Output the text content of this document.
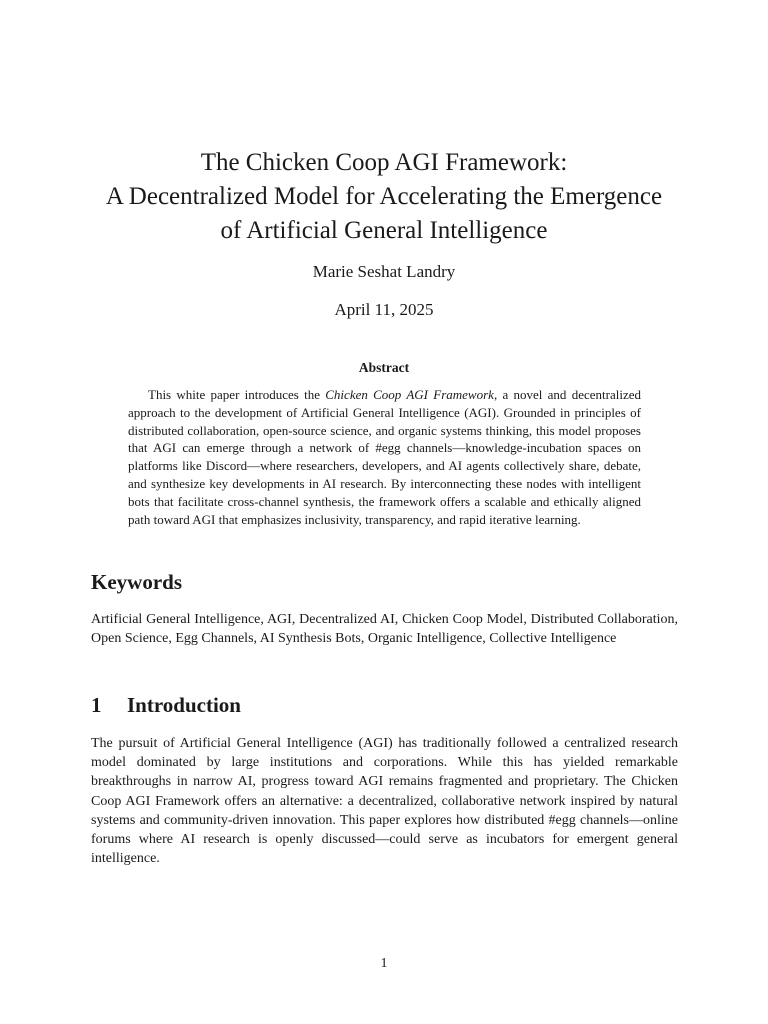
The Chicken Coop AGI Framework:

A Decentralized Model for Accelerating the Emergence

of Artificial General Intelligence

Marie Seshat Landry
April 11, 2025
Abstract
This white paper introduces the Chicken Coop AGI Framework, a novel and decentralized approach to the development of Artificial General Intelligence (AGI). Grounded in principles of distributed collaboration, open-source science, and organic systems thinking, this model proposes that AGI can emerge through a network of #egg channels—knowledge-incubation spaces on platforms like Discord—where researchers, developers, and AI agents collectively share, debate, and synthesize key developments in AI research. By interconnecting these nodes with intelligent bots that facilitate cross-channel synthesis, the framework offers a scalable and ethically aligned path toward AGI that emphasizes inclusivity, transparency, and rapid iterative learning.
Keywords
Artificial General Intelligence, AGI, Decentralized AI, Chicken Coop Model, Distributed Collaboration, Open Science, Egg Channels, AI Synthesis Bots, Organic Intelligence, Collective Intelligence
1 Introduction
The pursuit of Artificial General Intelligence (AGI) has traditionally followed a centralized research model dominated by large institutions and corporations. While this has yielded remarkable breakthroughs in narrow AI, progress toward AGI remains fragmented and proprietary. The Chicken Coop AGI Framework offers an alternative: a decentralized, collaborative network inspired by natural systems and community-driven innovation. This paper explores how distributed #egg channels—online forums where AI research is openly discussed—could serve as incubators for emergent general intelligence.
1
